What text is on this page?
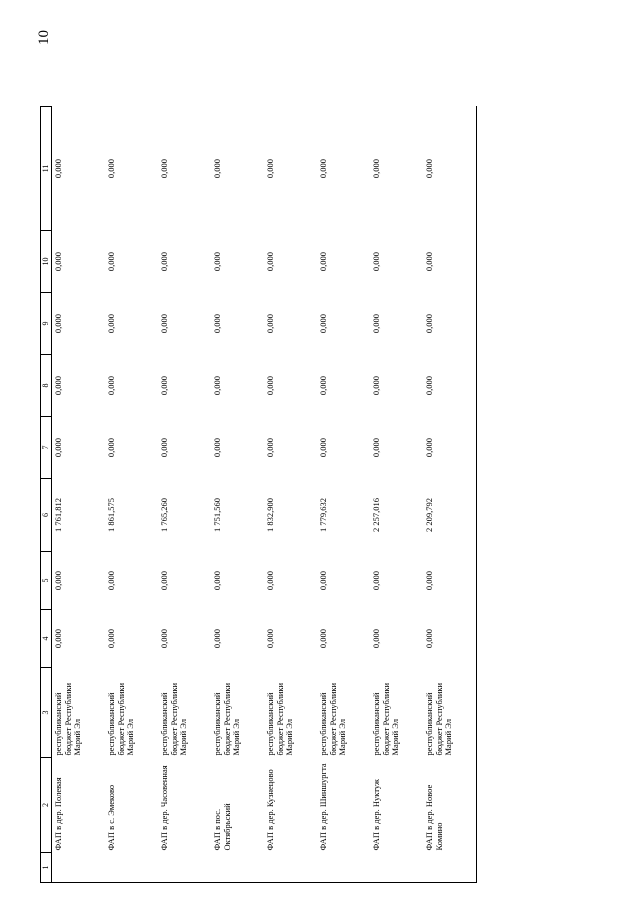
10
1	2	3	4	5	6	7	8	9	10	11
	ФАП в дер. Полевая	республиканский бюджет Республики Марий Эл	0,000	0,000	1 761,812	0,000	0,000	0,000	0,000	0,000
	ФАП в с. Эмеково	республиканский бюджет Республики Марий Эл	0,000	0,000	1 861,575	0,000	0,000	0,000	0,000	0,000
	ФАП в дер. Часовенная	республиканский бюджет Республики Марий Эл	0,000	0,000	1 765,260	0,000	0,000	0,000	0,000	0,000
	ФАП в пос. Октябрьский	республиканский бюджет Республики Марий Эл	0,000	0,000	1 751,560	0,000	0,000	0,000	0,000	0,000
	ФАП в дер. Кузнецово	республиканский бюджет Республики Марий Эл	0,000	0,000	1 832,900	0,000	0,000	0,000	0,000	0,000
	ФАП в дер. Шиншургта	республиканский бюджет Республики Марий Эл	0,000	0,000	1 779,632	0,000	0,000	0,000	0,000	0,000
	ФАП в дер. Нуктуж	республиканский бюджет Республики Марий Эл	0,000	0,000	2 257,016	0,000	0,000	0,000	0,000	0,000
	ФАП в дер. Новое Комино	республиканский бюджет Республики Марий Эл	0,000	0,000	2 209,792	0,000	0,000	0,000	0,000	0,000
